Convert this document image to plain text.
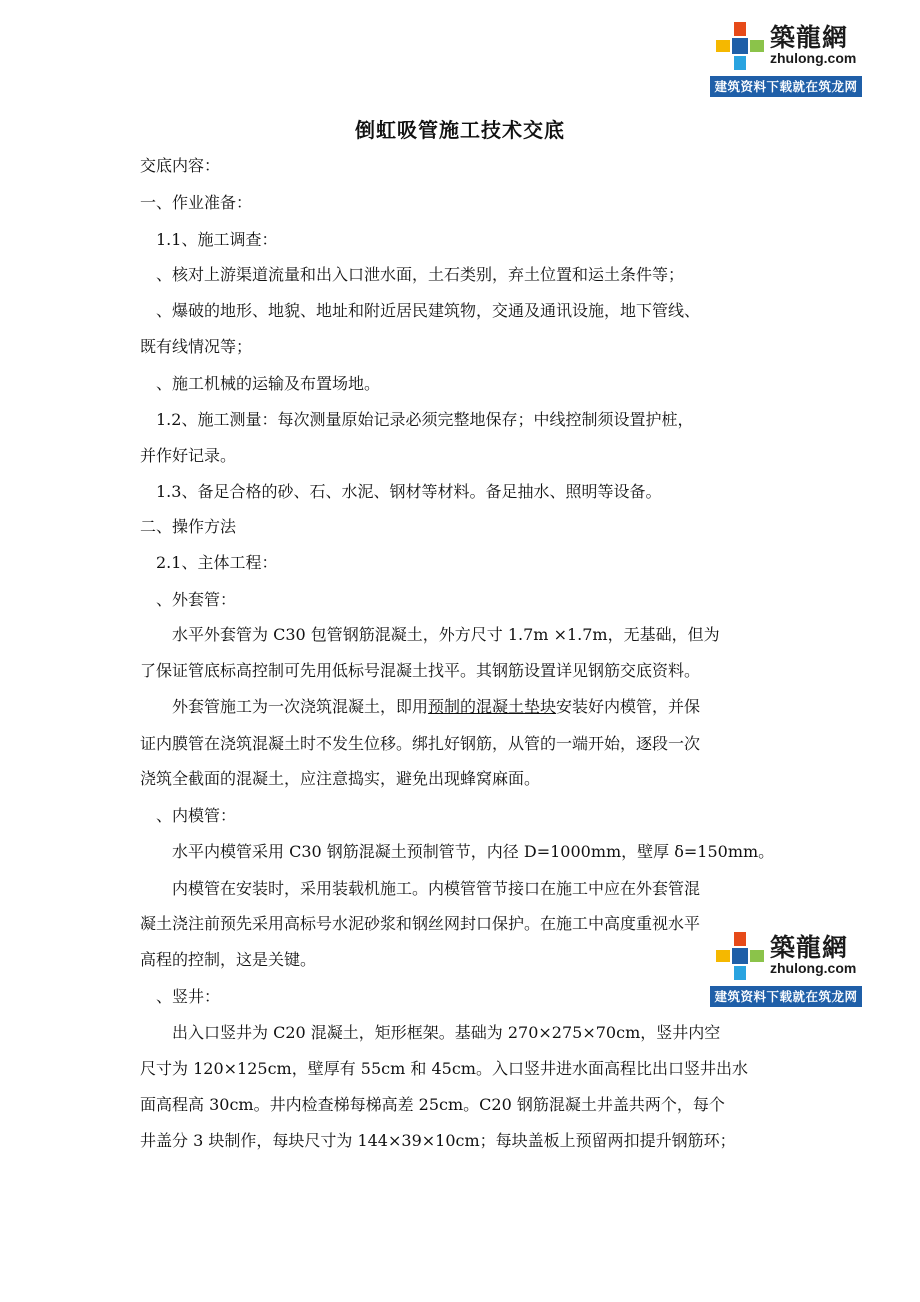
築龍網
zhulong.com
建筑资料下载就在筑龙网
倒虹吸管施工技术交底
交底内容：
一、作业准备：
　1.1、施工调查：
　、核对上游渠道流量和出入口泄水面，土石类别，弃土位置和运土条件等；
　、爆破的地形、地貌、地址和附近居民建筑物，交通及通讯设施，地下管线、
既有线情况等；
　、施工机械的运输及布置场地。
　1.2、施工测量：每次测量原始记录必须完整地保存；中线控制须设置护桩，
并作好记录。
　1.3、备足合格的砂、石、水泥、钢材等材料。备足抽水、照明等设备。
二、操作方法
　2.1、主体工程：
　、外套管：
　　水平外套管为 C30 包管钢筋混凝土，外方尺寸 1.7m ×1.7m，无基础，但为
了保证管底标高控制可先用低标号混凝土找平。其钢筋设置详见钢筋交底资料。
　　外套管施工为一次浇筑混凝土，即用预制的混凝土垫块安装好内模管，并保
证内膜管在浇筑混凝土时不发生位移。绑扎好钢筋，从管的一端开始，逐段一次
浇筑全截面的混凝土，应注意捣实，避免出现蜂窝麻面。
　、内模管：
　　水平内模管采用 C30 钢筋混凝土预制管节，内径 D=1000mm，壁厚 δ=150mm。
　　内模管在安装时，采用装载机施工。内模管管节接口在施工中应在外套管混
凝土浇注前预先采用高标号水泥砂浆和钢丝网封口保护。在施工中高度重视水平
高程的控制，这是关键。
　、竖井：
　　出入口竖井为 C20 混凝土，矩形框架。基础为 270×275×70cm，竖井内空
尺寸为 120×125cm，壁厚有 55cm 和 45cm。入口竖井进水面高程比出口竖井出水
面高程高 30cm。井内检查梯每梯高差 25cm。C20 钢筋混凝土井盖共两个，每个
井盖分 3 块制作，每块尺寸为 144×39×10cm；每块盖板上预留两扣提升钢筋环；
築龍網
zhulong.com
建筑资料下载就在筑龙网
